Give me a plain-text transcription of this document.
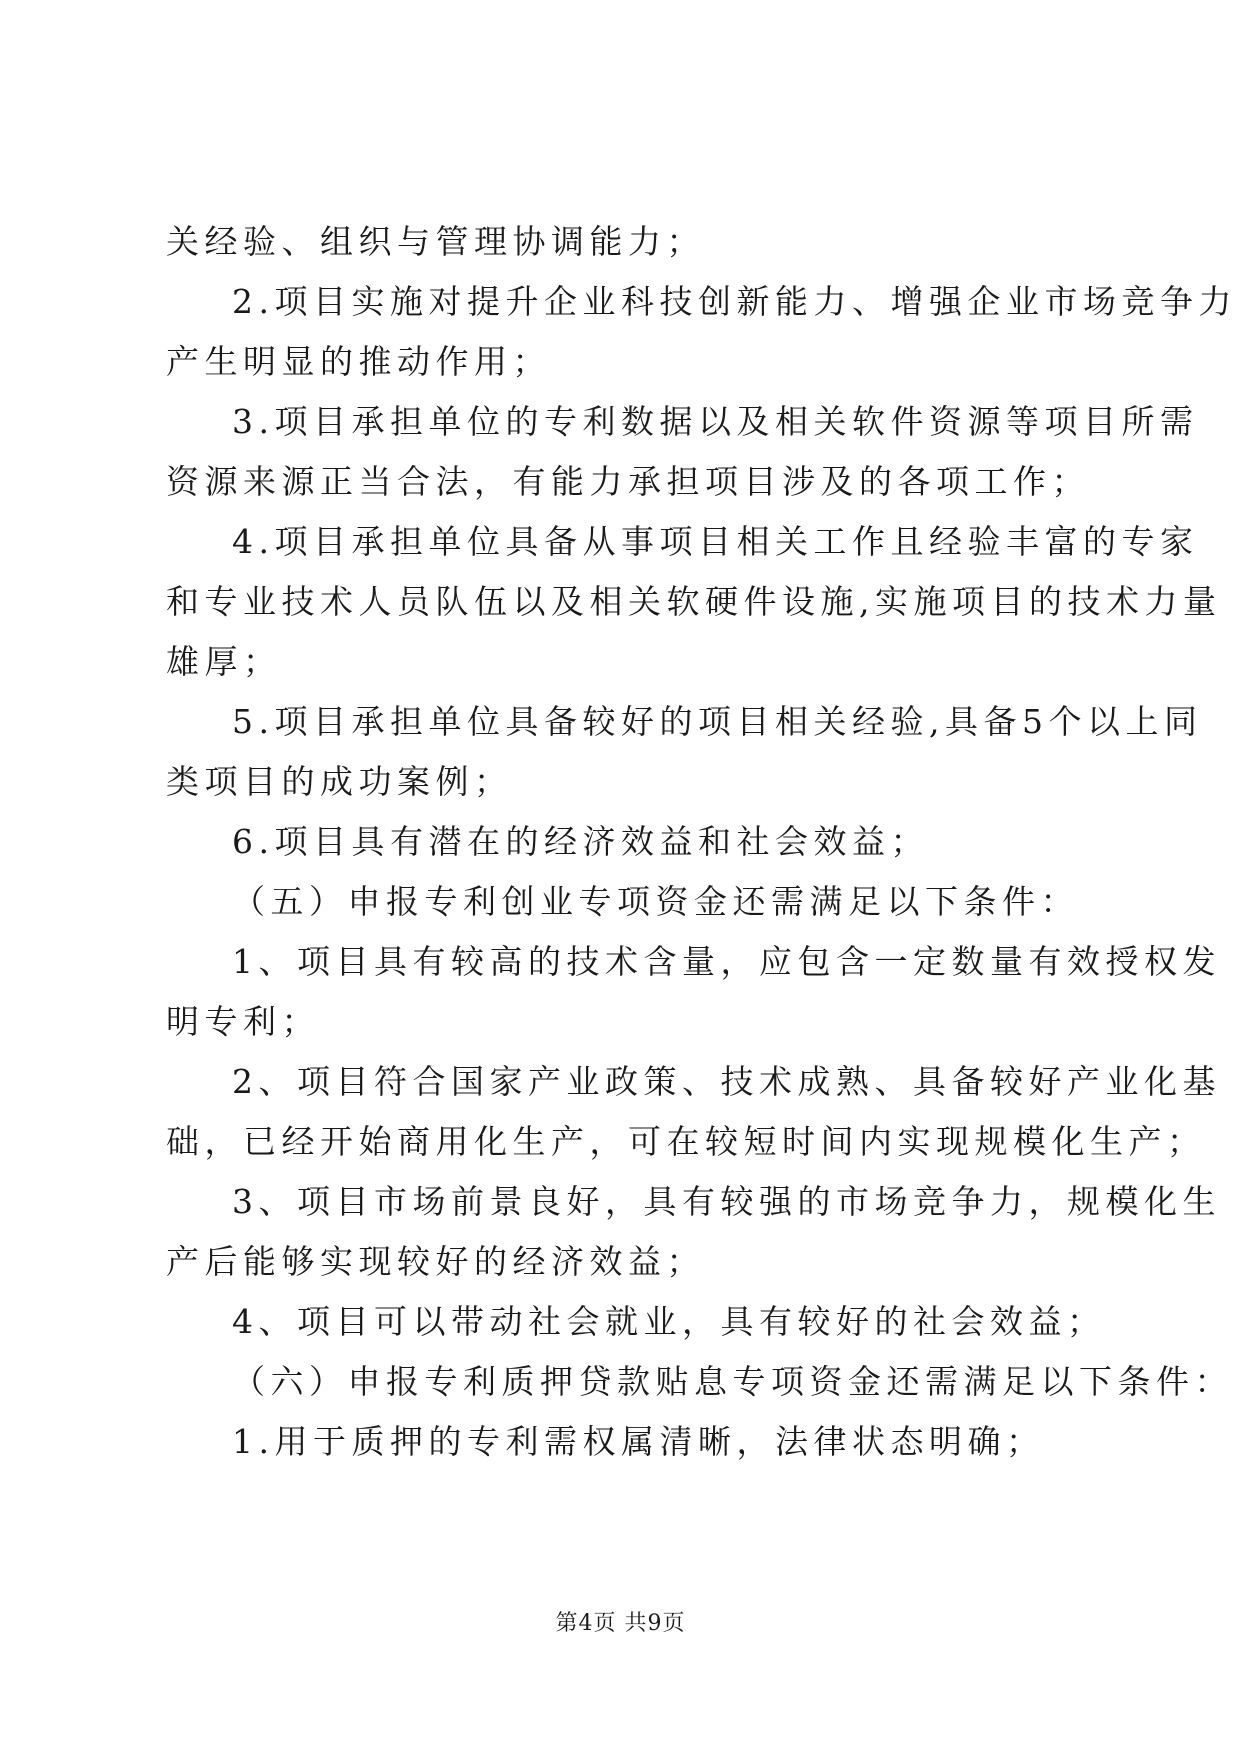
关经验、组织与管理协调能力；
2.项目实施对提升企业科技创新能力、增强企业市场竞争力
产生明显的推动作用；
3.项目承担单位的专利数据以及相关软件资源等项目所需
资源来源正当合法，有能力承担项目涉及的各项工作；
4.项目承担单位具备从事项目相关工作且经验丰富的专家
和专业技术人员队伍以及相关软硬件设施,实施项目的技术力量
雄厚；
5.项目承担单位具备较好的项目相关经验,具备5个以上同
类项目的成功案例；
6.项目具有潜在的经济效益和社会效益；
（五）申报专利创业专项资金还需满足以下条件：
1、项目具有较高的技术含量，应包含一定数量有效授权发
明专利；
2、项目符合国家产业政策、技术成熟、具备较好产业化基
础，已经开始商用化生产，可在较短时间内实现规模化生产；
3、项目市场前景良好，具有较强的市场竞争力，规模化生
产后能够实现较好的经济效益；
4、项目可以带动社会就业，具有较好的社会效益；
（六）申报专利质押贷款贴息专项资金还需满足以下条件：
1.用于质押的专利需权属清晰，法律状态明确；
第4页 共9页
